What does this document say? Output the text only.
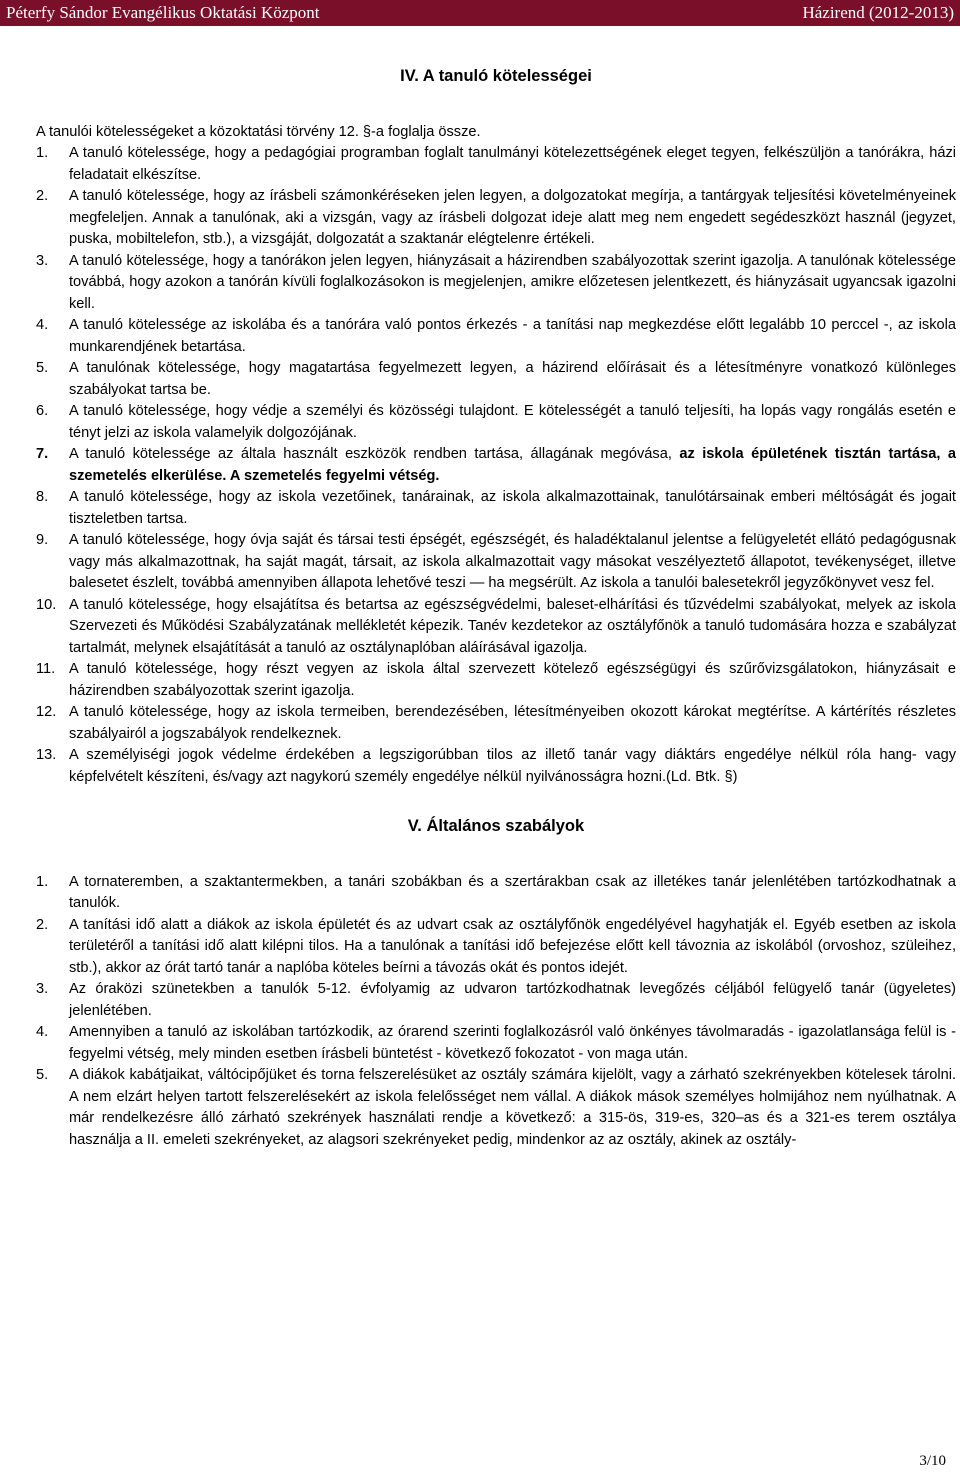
Péterfy Sándor Evangélikus Oktatási Központ	Házirend (2012-2013)
IV. A tanuló kötelességei

A tanulói kötelességeket a közoktatási törvény 12. §-a foglalja össze.

1. A tanuló kötelessége, hogy a pedagógiai programban foglalt tanulmányi kötelezettségének eleget tegyen, felkészüljön a tanórákra, házi feladatait elkészítse.
2. A tanuló kötelessége, hogy az írásbeli számonkéréseken jelen legyen, a dolgozatokat megírja, a tantárgyak teljesítési követelményeinek megfeleljen. Annak a tanulónak, aki a vizsgán, vagy az írásbeli dolgozat ideje alatt meg nem engedett segédeszközt használ (jegyzet, puska, mobiltelefon, stb.), a vizsgáját, dolgozatát a szaktanár elégtelenre értékeli.
3. A tanuló kötelessége, hogy a tanórákon jelen legyen, hiányzásait a házirendben szabályozottak szerint igazolja. A tanulónak kötelessége továbbá, hogy azokon a tanórán kívüli foglalkozásokon is megjelenjen, amikre előzetesen jelentkezett, és hiányzásait ugyancsak igazolni kell.
4. A tanuló kötelessége az iskolába és a tanórára való pontos érkezés - a tanítási nap megkezdése előtt legalább 10 perccel -, az iskola munkarendjének betartása.
5. A tanulónak kötelessége, hogy magatartása fegyelmezett legyen, a házirend előírásait és a létesítményre vonatkozó különleges szabályokat tartsa be.
6. A tanuló kötelessége, hogy védje a személyi és közösségi tulajdont. E kötelességét a tanuló teljesíti, ha lopás vagy rongálás esetén e tényt jelzi az iskola valamelyik dolgozójának.
7. A tanuló kötelessége az általa használt eszközök rendben tartása, állagának megóvása, az iskola épületének tisztán tartása, a szemetelés elkerülése. A szemetelés fegyelmi vétség.
8. A tanuló kötelessége, hogy az iskola vezetőinek, tanárainak, az iskola alkalmazottainak, tanulótársainak emberi méltóságát és jogait tiszteletben tartsa.
9. A tanuló kötelessége, hogy óvja saját és társai testi épségét, egészségét, és haladéktalanul jelentse a felügyeletét ellátó pedagógusnak vagy más alkalmazottnak, ha saját magát, társait, az iskola alkalmazottait vagy másokat veszélyeztető állapotot, tevékenységet, illetve balesetet észlelt, továbbá amennyiben állapota lehetővé teszi — ha megsérült. Az iskola a tanulói balesetekről jegyzőkönyvet vesz fel.
10. A tanuló kötelessége, hogy elsajátítsa és betartsa az egészségvédelmi, baleset-elhárítási és tűzvédelmi szabályokat, melyek az iskola Szervezeti és Működési Szabályzatának mellékletét képezik. Tanév kezdetekor az osztályfőnök a tanuló tudomására hozza e szabályzat tartalmát, melynek elsajátítását a tanuló az osztálynaplóban aláírásával igazolja.
11. A tanuló kötelessége, hogy részt vegyen az iskola által szervezett kötelező egészségügyi és szűrővizsgálatokon, hiányzásait e házirendben szabályozottak szerint igazolja.
12. A tanuló kötelessége, hogy az iskola termeiben, berendezésében, létesítményeiben okozott károkat megtérítse. A kártérítés részletes szabályairól a jogszabályok rendelkeznek.
13. A személyiségi jogok védelme érdekében a legszigorúbban tilos az illető tanár vagy diáktárs engedélye nélkül róla hang- vagy képfelvételt készíteni, és/vagy azt nagykorú személy engedélye nélkül nyilvánosságra hozni.(Ld. Btk. §)
V. Általános szabályok
1. A tornateremben, a szaktantermekben, a tanári szobákban és a szertárakban csak az illetékes tanár jelenlétében tartózkodhatnak a tanulók.
2. A tanítási idő alatt a diákok az iskola épületét és az udvart csak az osztályfőnök engedélyével hagyhatják el. Egyéb esetben az iskola területéről a tanítási idő alatt kilépni tilos. Ha a tanulónak a tanítási idő befejezése előtt kell távoznia az iskolából (orvoshoz, szüleihez, stb.), akkor az órát tartó tanár a naplóba köteles beírni a távozás okát és pontos idejét.
3. Az óraközi szünetekben a tanulók 5-12. évfolyamig az udvaron tartózkodhatnak levegőzés céljából felügyelő tanár (ügyeletes) jelenlétében.
4. Amennyiben a tanuló az iskolában tartózkodik, az órarend szerinti foglalkozásról való önkényes távolmaradás - igazolatlansága felül is - fegyelmi vétség, mely minden esetben írásbeli büntetést - következő fokozatot - von maga után.
5. A diákok kabátjaikat, váltócipőjüket és torna felszerelésüket az osztály számára kijelölt, vagy a zárható szekrényekben kötelesek tárolni. A nem elzárt helyen tartott felszerelésekért az iskola felelősséget nem vállal. A diákok mások személyes holmijához nem nyúlhatnak. A már rendelkezésre álló zárható szekrények használati rendje a következő: a 315-ös, 319-es, 320–as és a 321-es terem osztálya használja a II. emeleti szekrényeket, az alagsori szekrényeket pedig, mindenkor az az osztály, akinek az osztály-
3/10
